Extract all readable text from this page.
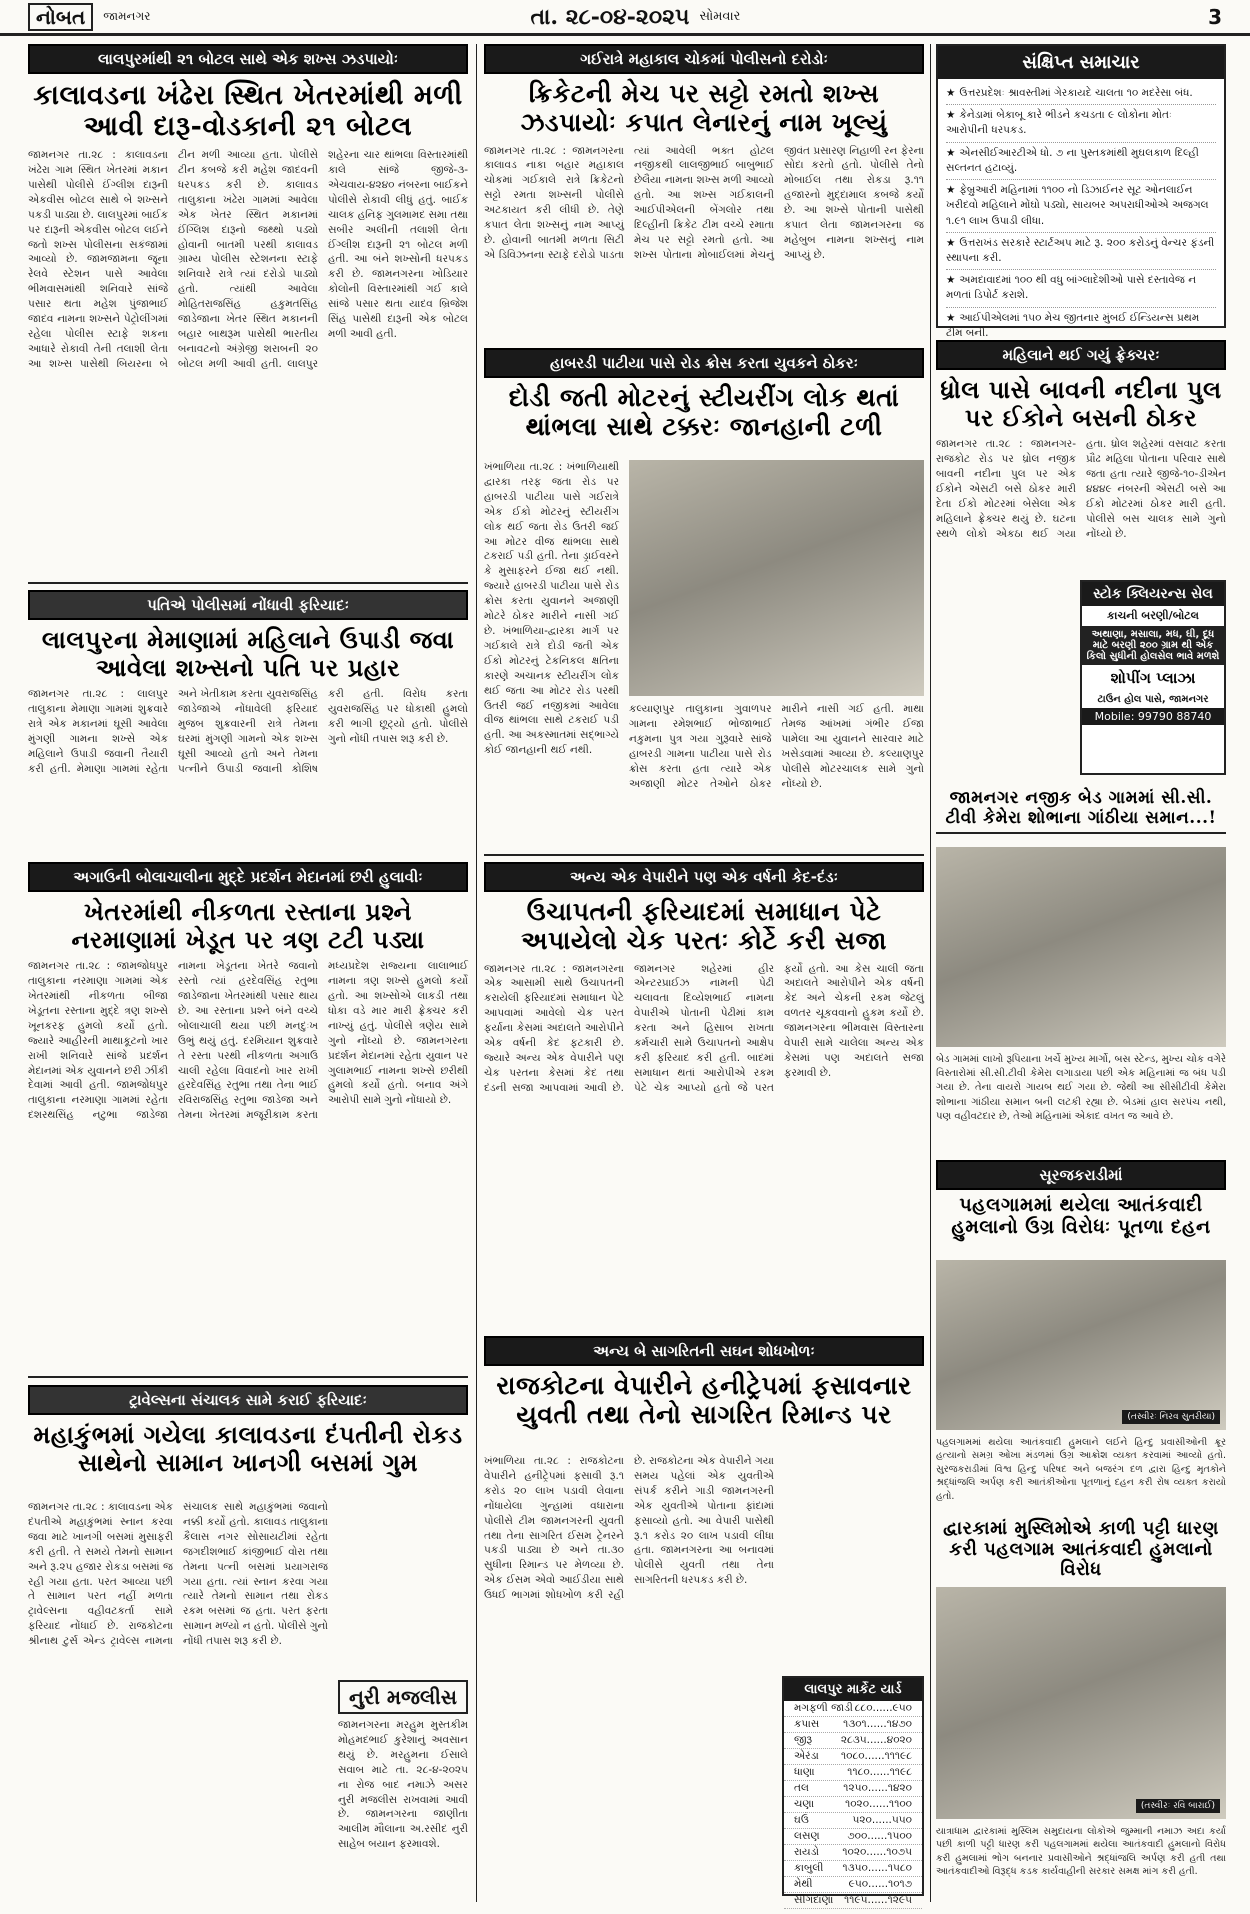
નોબત	જામનગર	તા. ૨૮-૦૪-૨૦૨૫ સોમવાર	3
લાલપુરમાંથી ૨૧ બોટલ સાથે એક શખ્સ ઝડપાયોઃ
કાલાવડના ખંઢેરા સ્થિત ખેતરમાંથી મળી આવી દારૂ-વોડકાની ૨૧ બોટલ
જામનગર તા.૨૮ : કાલાવડના ખંઢેરા ગામ સ્થિત ખેતરમાં મકાન પાસેથી પોલીસે ઈંગ્લીશ દારૂની એકવીસ બોટલ સાથે બે શખ્સને પકડી પાડ્યા છે. લાલપુરમાં બાઈક પર દારૂની એકવીસ બોટલ લઈને જતો શખ્સ પોલીસના સકંજામાં આવ્યો છે. જામજામના જૂના રેલવે સ્ટેશન પાસે આવેલા ભીમવાસમાંથી શનિવારે સાંજે પસાર થતા મહેશ પુંજાભાઈ જાદવ નામના શખ્સને પેટ્રોલીંગમાં રહેલા પોલીસ સ્ટાફે શકના આધારે રોકાવી તેની તલાશી લેતા આ શખ્સ પાસેથી બિયરના બે ટીન મળી આવ્યા હતા. પોલીસે ટીન કબજે કરી મહેશ જાદવની ધરપકડ કરી છે. કાલાવડ તાલુકાના ખંઢેરા ગામમાં આવેલા એક ખેતર સ્થિત મકાનમાં ઈંગ્લિશ દારૂનો જથ્થો પડ્યો હોવાની બાતમી પરથી કાલાવડ ગ્રામ્ય પોલીસ સ્ટેશનના સ્ટાફે શનિવારે રાત્રે ત્યાં દરોડો પાડ્યો હતો. ત્યાંથી આવેલા મોહિતરાજસિંહ હકુમતસિંહ જાડેજાના ખેતર સ્થિત મકાનની બહાર બાથરૂમ પાસેથી ભારતીય બનાવટનો અંગ્રેજી શરાબની ૨૦ બોટલ મળી આવી હતી. લાલપુર શહેરના ચાર થાંભલા વિસ્તારમાંથી કાલે સાંજે જીજે-૩-એચવાય-૪૨૪૦ નંબરના બાઈકને પોલીસે રોકાવી લીધું હતું. બાઈક ચાલક હનિફ ગુલમામદ સમા તથા સબીર અલીની તલાશી લેતા ઈંગ્લીશ દારૂની ૨૧ બોટલ મળી હતી. આ બંને શખ્સોની ધરપકડ કરી છે. જામનગરના ખોડિયાર કોલોની વિસ્તારમાંથી ગઈ કાલે સાંજે પસાર થતા યાદવ બ્રિજેશ સિંહ પાસેથી દારૂની એક બોટલ મળી આવી હતી.
ગઈરાત્રે મહાકાલ ચોકમાં પોલીસનો દરોડોઃ
ક્રિકેટની મેચ પર સટ્ટો રમતો શખ્સ ઝડપાયોઃ કપાત લેનારનું નામ ખૂલ્યું
જામનગર તા.૨૮ : જામનગરના કાલાવડ નાકા બહાર મહાકાલ ચોકમાં ગઈકાલે રાત્રે ક્રિકેટનો સટ્ટો રમતા શખ્સની પોલીસે અટકાયત કરી લીધી છે. તેણે કપાત લેતા શખ્સનું નામ આપ્યું છે. હોવાની બાતમી મળતા સિટી એ ડિવિઝનના સ્ટાફે દરોડો પાડતા ત્યાં આવેલી ભક્ત હોટલ નજીકથી લાલજીભાઈ બાબુભાઈ છેલૈયા નામના શખ્સ મળી આવ્યો હતો. આ શખ્સ ગઈકાલની આઈપીએલની બેંગલોર તથા દિલ્હીની ક્રિકેટ ટીમ વચ્ચે રમાતા મેચ પર સટ્ટો રમતો હતો. આ શખ્સ પોતાના મોબાઈલમાં મેચનું જીવંત પ્રસારણ નિહાળી રન ફેરના સોદા કરતો હતો. પોલીસે તેનો મોબાઈલ તથા રોકડા રૂ.૧૧ હજારનો મુદ્દામાલ કબજે કર્યો છે. આ શખ્સે પોતાની પાસેથી કપાત લેતા જામનગરના જ મહેબુબ નામના શખ્સનું નામ આપ્યું છે.
હાબરડી પાટીયા પાસે રોડ ક્રોસ કરતા યુવકને ઠોકરઃ
દોડી જતી મોટરનું સ્ટીયરીંગ લોક થતાં થાંભલા સાથે ટક્કરઃ જાનહાની ટળી
ખંભાળિયા તા.૨૮ : ખંભાળિયાથી દ્વારકા તરફ જતા રોડ પર હાબરડી પાટીયા પાસે ગઈરાત્રે એક ઈકો મોટરનું સ્ટીયરીંગ લોક થઈ જતા રોડ ઉતરી જઈ આ મોટર વીજ થાંભલા સાથે ટકરાઈ પડી હતી. તેના ડ્રાઈવરને કે મુસાફરને ઈજા થઈ નથી. જ્યારે હાબરડી પાટીયા પાસે રોડ ક્રોસ કરતા યુવાનને અજાણી મોટરે ઠોકર મારીને નાસી ગઈ છે. ખંભાળિયા-દ્વારકા માર્ગ પર ગઈકાલે રાત્રે દોડી જતી એક ઈકો મોટરનું ટેકનિકલ ક્ષતિના કારણે અચાનક સ્ટીયરીંગ લોક થઈ જતા આ મોટર રોડ પરથી ઉતરી જઈ નજીકમાં આવેલા વીજ થાંભલા સાથે ટકરાઈ પડી હતી. આ અકસ્માતમાં સદ્ભાગ્યે કોઈ જાનહાની થઈ નથી.
કલ્યાણપુર તાલુકાના ગુવાળપર ગામના રમેશભાઈ ભોજાભાઈ નકુમના પુત્ર ગયા ગુરૂવારે સાંજે હાબરડી ગામના પાટીયા પાસે રોડ ક્રોસ કરતા હતા ત્યારે એક અજાણી મોટર તેઓને ઠોકર મારીને નાસી ગઈ હતી. માથા તેમજ આંખમાં ગંભીર ઈજા પામેલા આ યુવાનને સારવાર માટે ખસેડવામાં આવ્યા છે. કલ્યાણપુર પોલીસે મોટરચાલક સામે ગુનો નોંધ્યો છે.
સંક્ષિપ્ત સમાચાર
★ ઉત્તરપ્રદેશઃ શ્રાવસ્તીમાં ગેરકાયદે ચાલતા ૧૦ મદરેસા બંધ.
★ કેનેડામાં બેકાબૂ કારે ભીડને કચડતા ૯ લોકોના મોતઃ આરોપીની ધરપકડ.
★ એનસીઈઆરટીએ ધો. ૭ ના પુસ્તકમાંથી મુઘલકાળ દિલ્હી સલ્તનત હટાવ્યું.
★ ફેબ્રુઆરી મહિનામાં ૧૧૦૦ નો ડિઝાઈનર સૂટ ઓનલાઈન ખરીદવો મહિલાને મોંઘો પડ્યો, સાયબર અપરાધીઓએ અજગલ ૧.૯૧ લાખ ઉપાડી લીધા.
★ ઉત્તરાખંડ સરકારે સ્ટાર્ટઅપ માટે રૂ. ૨૦૦ કરોડનું વેન્ચર ફંડની સ્થાપના કરી.
★ અમદાવાદમાં ૧૦૦ થી વધુ બાંગ્લાદેશીઓ પાસે દસ્તાવેજ ન મળતાં ડિપોર્ટ કરાશે.
★ આઈપીએલમાં ૧૫૦ મેચ જીતનાર મુંબઈ ઈન્ડિયન્સ પ્રથમ ટીમ બની.
મહિલાને થઈ ગયું ફ્રેક્ચરઃ
ધ્રોલ પાસે બાવની નદીના પુલ પર ઈકોને બસની ઠોકર
જામનગર તા.૨૮ : જામનગર-રાજકોટ રોડ પર ધ્રોલ નજીક બાવની નદીના પુલ પર એક ઈકોને એસટી બસે ઠોકર મારી દેતા ઈકો મોટરમાં બેસેલા એક મહિલાને ફ્રેક્ચર થયું છે. ઘટના સ્થળે લોકો એકઠા થઈ ગયા હતા. ધ્રોલ શહેરમાં વસવાટ કરતા પ્રૌઢ મહિલા પોતાના પરિવાર સાથે જતા હતા ત્યારે જીજે-૧૦-ડીએન ૪૪૪૯ નંબરની એસટી બસે આ ઈકો મોટરમાં ઠોકર મારી હતી. પોલીસે બસ ચાલક સામે ગુનો નોંધ્યો છે.
સ્ટોક ક્લિયરન્સ સેલ
કાચની બરણી/બોટલ
અથાણા, મસાલા, મધ, ઘી, દૂધ માટે બરણી ૨૦૦ ગ્રામ થી એક કિલો સુધીની હોલસેલ ભાવે મળશે
શોપીંગ પ્લાઝા
ટાઉન હોલ પાસે, જામનગર
Mobile: 99790 88740
જામનગર નજીક બેડ ગામમાં સી.સી. ટીવી કેમેરા શોભાના ગાંઠીયા સમાન...!
બેડ ગામમાં લાખો રૂપિયાના ખર્ચે મુખ્ય માર્ગો, બસ સ્ટેન્ડ, મુખ્ય ચોક વગેરે વિસ્તારોમાં સી.સી.ટીવી કેમેરા લગાડાયા પછી એક મહિનામાં જ બંધ પડી ગયા છે. તેના વાયરો ગાયબ થઈ ગયા છે. જેથી આ સીસીટીવી કેમેરા શોભાના ગાંઠીયા સમાન બની લટકી રહ્યા છે. બેડમાં હાલ સરપંચ નથી, પણ વહીવટદાર છે, તેઓ મહિનામાં એકાદ વખત જ આવે છે.
પતિએ પોલીસમાં નોંધાવી ફરિયાદઃ
લાલપુરના મેમાણામાં મહિલાને ઉપાડી જવા આવેલા શખ્સનો પતિ પર પ્રહાર
જામનગર તા.૨૮ : લાલપુર તાલુકાના મેમાણા ગામમાં શુક્રવારે રાત્રે એક મકાનમાં ઘૂસી આવેલા મુંગણી ગામના શખ્સે એક મહિલાને ઉપાડી જવાની તૈયારી કરી હતી. મેમાણા ગામમાં રહેતા અને ખેતીકામ કરતા યુવરાજસિંહ જાડેજાએ નોંધાવેલી ફરિયાદ મુજબ શુક્રવારની રાત્રે તેમના ઘરમાં મુંગણી ગામનો એક શખ્સ ઘૂસી આવ્યો હતો અને તેમના પત્નીને ઉપાડી જવાની કોશિષ કરી હતી. વિરોધ કરતા યુવરાજસિંહ પર ધોકાથી હુમલો કરી ભાગી છૂટ્યો હતો. પોલીસે ગુનો નોંધી તપાસ શરૂ કરી છે.
અગાઉની બોલાચાલીના મુદ્દે પ્રદર્શન મેદાનમાં છરી હુલાવીઃ
ખેતરમાંથી નીકળતા રસ્તાના પ્રશ્ને નરમાણામાં ખેડૂત પર ત્રણ ટટી પડ્યા
જામનગર તા.૨૮ : જામજોધપુર તાલુકાના નરમાણા ગામમાં એક ખેતરમાંથી નીકળતા બીજા ખેડૂતના રસ્તાના મુદ્દે ત્રણ શખ્સે ખૂનકરફ હુમલો કર્યો હતો. જ્યારે આહીરની માથાકૂટનો ખાર રાખી શનિવારે સાંજે પ્રદર્શન મેદાનમાં એક યુવાનને છરી ઝીંકી દેવામાં આવી હતી. જામજોધપુર તાલુકાના નરમાણા ગામમાં રહેતા દશરથસિંહ નટુભા જાડેજા નામના ખેડૂતના ખેતરે જવાનો રસ્તો ત્યાં હરદેવસિંહ રતુભા જાડેજાના ખેતરમાંથી પસાર થાય છે. આ રસ્તાના પ્રશ્ને બંને વચ્ચે બોલાચાલી થયા પછી મનદુઃખ ઉભું થયું હતું. દરમિયાન શુક્રવારે તે રસ્તા પરથી નીકળતા અગાઉ ચાલી રહેલા વિવાદનો ખાર રાખી હરદેવસિંહ રતુભા તથા તેના ભાઈ રવિરાજસિંહ રતુભા જાડેજા અને તેમના ખેતરમાં મજૂરીકામ કરતા મધ્યપ્રદેશ રાજ્યના લાલાભાઈ નામના ત્રણ શખ્સે હુમલો કર્યો હતો. આ શખ્સોએ લાકડી તથા ધોકા વડે માર મારી ફ્રેક્ચર કરી નાખ્યું હતું. પોલીસે ત્રણેય સામે ગુનો નોંધ્યો છે. જામનગરના પ્રદર્શન મેદાનમાં રહેતા યુવાન પર ગુલામભાઈ નામના શખ્સે છરીથી હુમલો કર્યો હતો. બનાવ અંગે આરોપી સામે ગુનો નોંધાયો છે.
અન્ય એક વેપારીને પણ એક વર્ષની કેદ-દંડઃ
ઉચાપતની ફરિયાદમાં સમાધાન પેટે અપાયેલો ચેક પરતઃ કોર્ટે કરી સજા
જામનગર તા.૨૮ : જામનગરના એક આસામી સાથે ઉચાપતની કરાયેલી ફરિયાદમાં સમાધાન પેટે આપવામાં આવેલો ચેક પરત ફર્યાના કેસમાં અદાલતે આરોપીને એક વર્ષની કેદ ફટકારી છે. જ્યારે અન્ય એક વેપારીને પણ ચેક પરતના કેસમાં કેદ તથા દંડની સજા આપવામાં આવી છે. જામનગર શહેરમાં હીર એન્ટરપ્રાઈઝ નામની પેઢી ચલાવતા દિવ્યેશભાઈ નામના વેપારીએ પોતાની પેઢીમાં કામ કરતા અને હિસાબ રાખતા કર્મચારી સામે ઉચાપતનો આક્ષેપ કરી ફરિયાદ કરી હતી. બાદમાં સમાધાન થતાં આરોપીએ રકમ પેટે ચેક આપ્યો હતો જે પરત ફર્યો હતો. આ કેસ ચાલી જતા અદાલતે આરોપીને એક વર્ષની કેદ અને ચેકની રકમ જેટલું વળતર ચૂકવવાનો હુકમ કર્યો છે. જામનગરના ભીમવાસ વિસ્તારના વેપારી સામે ચાલેલા અન્ય એક કેસમાં પણ અદાલતે સજા ફરમાવી છે.
ટ્રાવેલ્સના સંચાલક સામે કરાઈ ફરિયાદઃ
મહાકુંભમાં ગયેલા કાલાવડના દંપતીની રોકડ સાથેનો સામાન ખાનગી બસમાં ગુમ
જામનગર તા.૨૮ : કાલાવડના એક દંપતીએ મહાકુંભમાં સ્નાન કરવા જવા માટે ખાનગી બસમાં મુસાફરી કરી હતી. તે સમયે તેમનો સામાન અને રૂ.૨૫ હજાર રોકડા બસમાં જ રહી ગયા હતા. પરત આવ્યા પછી તે સામાન પરત નહીં મળતા ટ્રાવેલ્સના વહીવટકર્તા સામે ફરિયાદ નોંધાઈ છે. રાજકોટના શ્રીનાથ ટુર્સ એન્ડ ટ્રાવેલ્સ નામના સંચાલક સાથે મહાકુંભમાં જવાનો નક્કી કર્યો હતો. કાલાવડ તાલુકાના કૈલાસ નગર સોસાયટીમાં રહેતા જગદીશભાઈ કાંજીભાઈ વોરા તથા તેમના પત્ની બસમાં પ્રયાગરાજ ગયા હતા. ત્યાં સ્નાન કરવા ગયા ત્યારે તેમનો સામાન તથા રોકડ રકમ બસમાં જ હતા. પરત ફરતા સામાન મળ્યો ન હતો. પોલીસે ગુનો નોંધી તપાસ શરૂ કરી છે.
નુરી મજલીસ
જામનગરના મરહુમ મુસ્તકીમ મોહમદભાઈ કુરેશાનું અવસાન થયું છે. મરહુમના ઈસાલે સવાબ માટે તા. ૨૮-૪-૨૦૨૫ ના રોજ બાદ નમાઝે અસર નુરી મજલીસ રાખવામાં આવી છે. જામનગરના જાણીતા આલીમ મૌલાના અ.રસીદ નુરી સાહેબ બયાન ફરમાવશે.
અન્ય બે સાગરિતની સઘન શોધખોળઃ
રાજકોટના વેપારીને હનીટ્રેપમાં ફસાવનાર યુવતી તથા તેનો સાગરિત રિમાન્ડ પર
ખંભાળિયા તા.૨૮ : રાજકોટના વેપારીને હનીટ્રેપમાં ફસાવી રૂ.૧ કરોડ ૨૦ લાખ પડાવી લેવાના નોંધાયેલા ગુન્હામાં વધારાના પોલીસે ટીમ જામનગરની યુવતી તથા તેના સાગરિત ઈસમ ટ્રેનરને પકડી પાડ્યા છે અને તા.૩૦ સુધીના રિમાન્ડ પર મેળવ્યા છે. એક ઈસમ એવો આઈડીયા સાથે ઉધઈ ભાગમાં શોધખોળ કરી રહી છે. રાજકોટના એક વેપારીને ગયા સમય પહેલાં એક યુવતીએ સંપર્ક કરીને ગાડી જામનગરની એક યુવતીએ પોતાના ફાંદામાં ફસાવ્યો હતો. આ વેપારી પાસેથી રૂ.૧ કરોડ ૨૦ લાખ પડાવી લીધા હતા. જામનગરના આ બનાવમાં પોલીસે યુવતી તથા તેના સાગરિતની ધરપકડ કરી છે.
લાલપુર માર્કેટ યાર્ડ
મગફળી જાડી ૮૮૦......૯૫૦
કપાસ ૧૩૦૧......૧૪૭૦
જીરૂ	૨૮૩૫......૪૦૨૦
એરંડા ૧૦૮૦......૧૧૧૯૮
ધાણા	૧૧૮૦......૧૧૯૮
તલ	૧૨૫૦......૧૪૨૦
ચણા	૧૦૨૦......૧૧૦૦
ઘઉં	૫૨૦......૫૫૦
લસણ	૭૦૦......૧૫૦૦
રાયડો ૧૦૨૦......૧૦૭૫
કાબુલી ૧૩૫૦......૧૫૮૦
મેથી	૯૫૦......૧૦૧૭
સીંગદાણા ૧૧૯૫......૧૨૯૫
સૂરજકરાડીમાં
પહલગામમાં થયેલા આતંકવાદી હુમલાનો ઉગ્ર વિરોધઃ પૂતળા દહન
(તસ્વીરઃ નિરવ સુતરીયા)
પહલગામમાં થયેલા આતંકવાદી હુમલાને લઈને હિન્દુ પ્રવાસીઓની ક્રૂર હત્યાનો સમગ્ર ઓખા મંડળમાં ઉગ્ર આક્રોશ વ્યક્ત કરવામાં આવ્યો હતો. સુરજકરાડીમાં વિશ્વ હિન્દુ પરિષદ અને બજરંગ દળ દ્વારા હિન્દુ મૃતકોને શ્રદ્ધાંજલિ અર્પણ કરી આતંકીઓના પૂતળાનું દહન કરી રોષ વ્યક્ત કરાયો હતો.
દ્વારકામાં મુસ્લિમોએ કાળી પટ્ટી ધારણ કરી પહલગામ આતંકવાદી હુમલાનો વિરોધ
(તસ્વીરઃ રવિ બારાઈ)
યાત્રાધામ દ્વારકામાં મુસ્લિમ સમુદાયના લોકોએ જુમ્માની નમાઝ અદા કર્યા પછી કાળી પટ્ટી ધારણ કરી પહલગામમાં થયેલા આતંકવાદી હુમલાનો વિરોધ કરી હુમલામાં ભોગ બનનાર પ્રવાસીઓને શ્રદ્ધાંજલિ અર્પણ કરી હતી તથા આતંકવાદીઓ વિરૂદ્ધ કડક કાર્યવાહીની સરકાર સમક્ષ માંગ કરી હતી.
